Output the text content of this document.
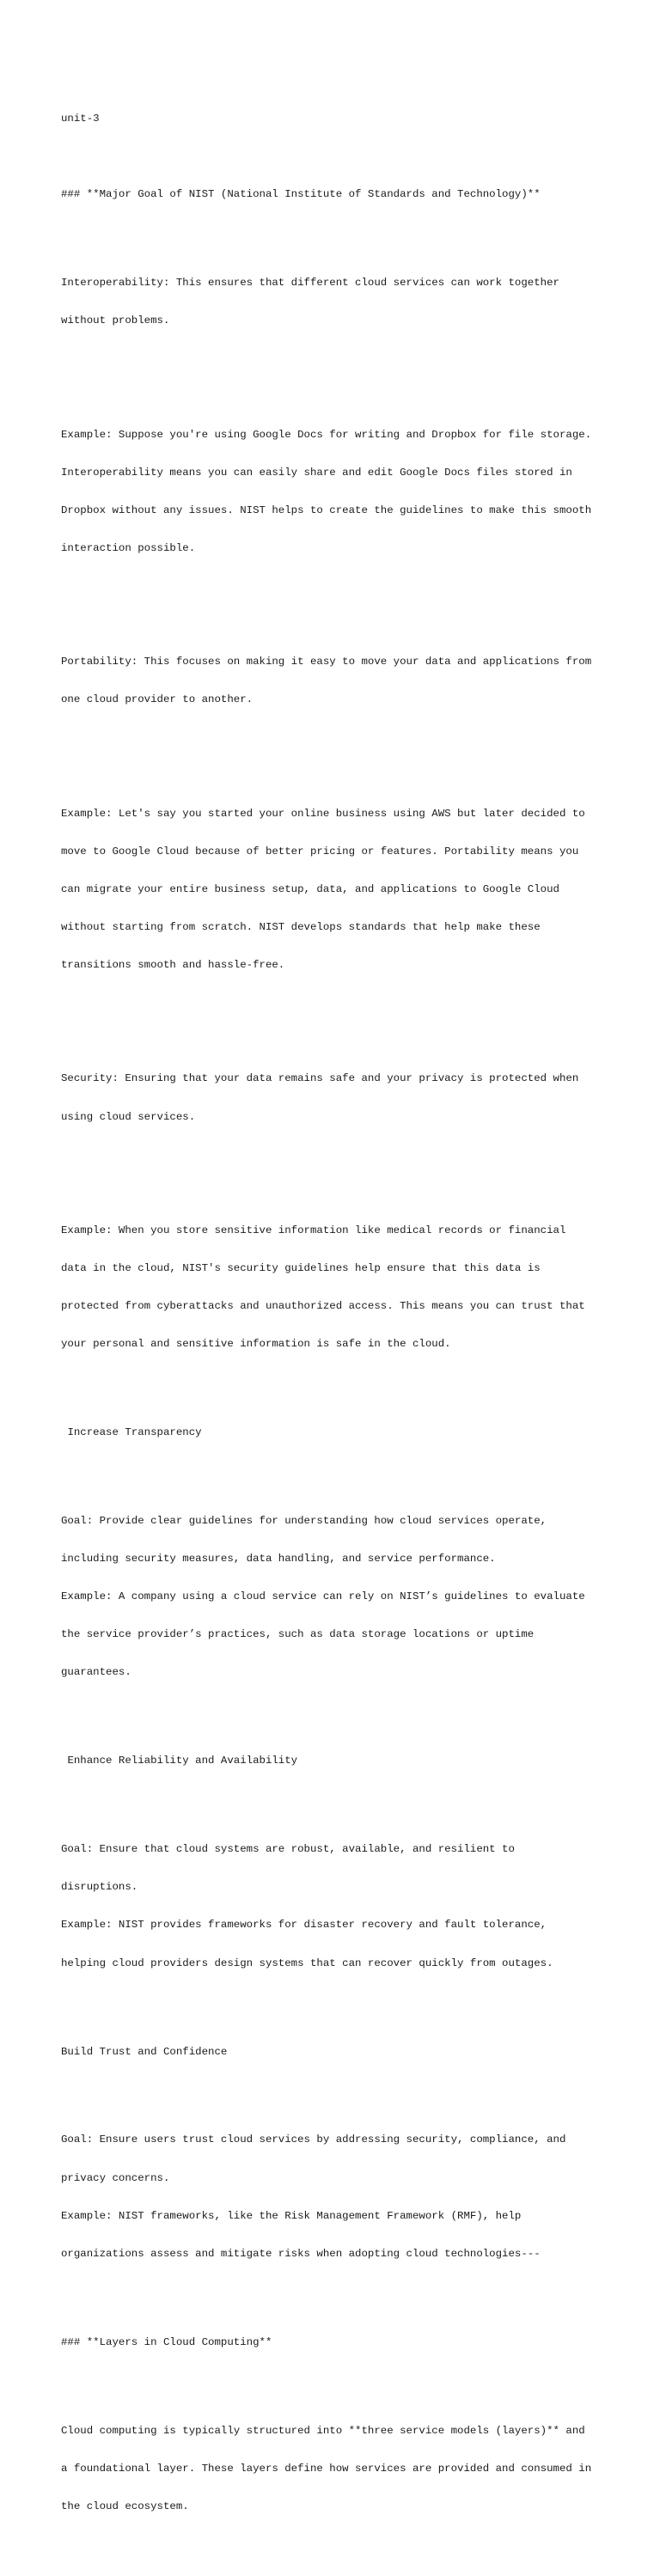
unit-3

### **Major Goal of NIST (National Institute of Standards and Technology)**

Interoperability: This ensures that different cloud services can work together

without problems.

Example: Suppose you're using Google Docs for writing and Dropbox for file storage.

Interoperability means you can easily share and edit Google Docs files stored in

Dropbox without any issues. NIST helps to create the guidelines to make this smooth

interaction possible.

Portability: This focuses on making it easy to move your data and applications from

one cloud provider to another.

Example: Let's say you started your online business using AWS but later decided to

move to Google Cloud because of better pricing or features. Portability means you

can migrate your entire business setup, data, and applications to Google Cloud

without starting from scratch. NIST develops standards that help make these

transitions smooth and hassle-free.

Security: Ensuring that your data remains safe and your privacy is protected when

using cloud services.

Example: When you store sensitive information like medical records or financial

data in the cloud, NIST's security guidelines help ensure that this data is

protected from cyberattacks and unauthorized access. This means you can trust that

your personal and sensitive information is safe in the cloud.

Increase Transparency

Goal: Provide clear guidelines for understanding how cloud services operate,

including security measures, data handling, and service performance.

Example: A company using a cloud service can rely on NIST’s guidelines to evaluate

the service provider’s practices, such as data storage locations or uptime

guarantees.

Enhance Reliability and Availability

Goal: Ensure that cloud systems are robust, available, and resilient to

disruptions.

Example: NIST provides frameworks for disaster recovery and fault tolerance,

helping cloud providers design systems that can recover quickly from outages.

Build Trust and Confidence

Goal: Ensure users trust cloud services by addressing security, compliance, and

privacy concerns.

Example: NIST frameworks, like the Risk Management Framework (RMF), help

organizations assess and mitigate risks when adopting cloud technologies---

### **Layers in Cloud Computing**

Cloud computing is typically structured into **three service models (layers)** and

a foundational layer. These layers define how services are provided and consumed in

the cloud ecosystem.
